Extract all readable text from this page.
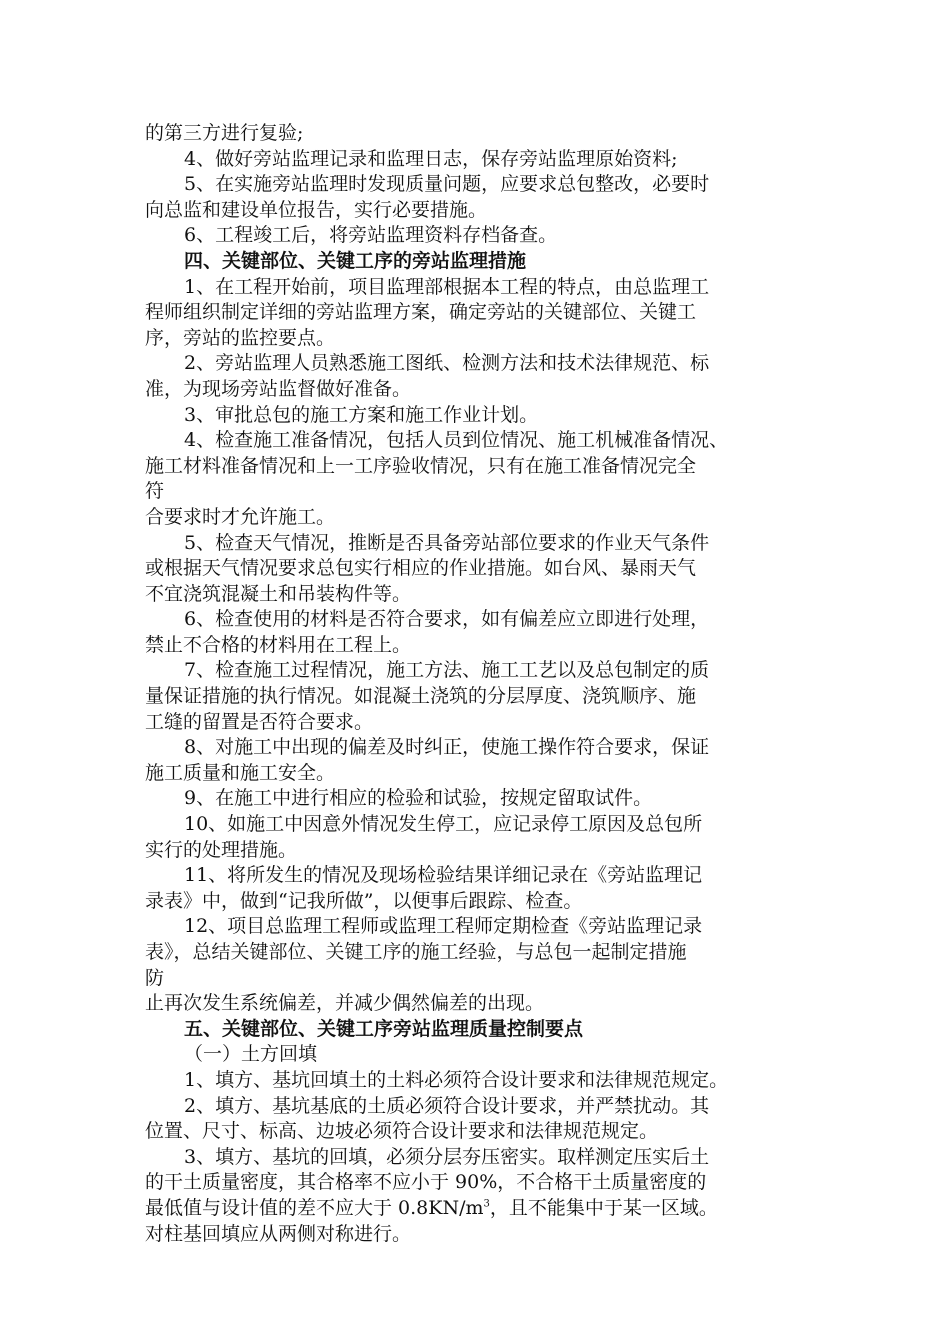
的第三方进行复验;

4、做好旁站监理记录和监理日志，保存旁站监理原始资料;

5、在实施旁站监理时发现质量问题，应要求总包整改，必要时

向总监和建设单位报告，实行必要措施。

6、工程竣工后，将旁站监理资料存档备查。

四、关键部位、关键工序的旁站监理措施

1、在工程开始前，项目监理部根据本工程的特点，由总监理工

程师组织制定详细的旁站监理方案，确定旁站的关键部位、关键工

序，旁站的监控要点。

2、旁站监理人员熟悉施工图纸、检测方法和技术法律规范、标

准，为现场旁站监督做好准备。

3、审批总包的施工方案和施工作业计划。

4、检查施工准备情况，包括人员到位情况、施工机械准备情况、

施工材料准备情况和上一工序验收情况，只有在施工准备情况完全

符

合要求时才允许施工。

5、检查天气情况，推断是否具备旁站部位要求的作业天气条件

或根据天气情况要求总包实行相应的作业措施。如台风、暴雨天气

不宜浇筑混凝土和吊装构件等。

6、检查使用的材料是否符合要求，如有偏差应立即进行处理，

禁止不合格的材料用在工程上。

7、检查施工过程情况，施工方法、施工工艺以及总包制定的质

量保证措施的执行情况。如混凝土浇筑的分层厚度、浇筑顺序、施

工缝的留置是否符合要求。

8、对施工中出现的偏差及时纠正，使施工操作符合要求，保证

施工质量和施工安全。

9、在施工中进行相应的检验和试验，按规定留取试件。

10、如施工中因意外情况发生停工，应记录停工原因及总包所

实行的处理措施。

11、将所发生的情况及现场检验结果详细记录在《旁站监理记

录表》中，做到“记我所做”，以便事后跟踪、检查。

12、项目总监理工程师或监理工程师定期检查《旁站监理记录

表》，总结关键部位、关键工序的施工经验，与总包一起制定措施

防

止再次发生系统偏差，并减少偶然偏差的出现。

五、关键部位、关键工序旁站监理质量控制要点

（一）土方回填

1、填方、基坑回填土的土料必须符合设计要求和法律规范规定。

2、填方、基坑基底的土质必须符合设计要求，并严禁扰动。其

位置、尺寸、标高、边坡必须符合设计要求和法律规范规定。

3、填方、基坑的回填，必须分层夯压密实。取样测定压实后土

的干土质量密度，其合格率不应小于 90%，不合格干土质量密度的

最低值与设计值的差不应大于 $0.8KN/m^3$，且不能集中于某一区域。

对柱基回填应从两侧对称进行。
